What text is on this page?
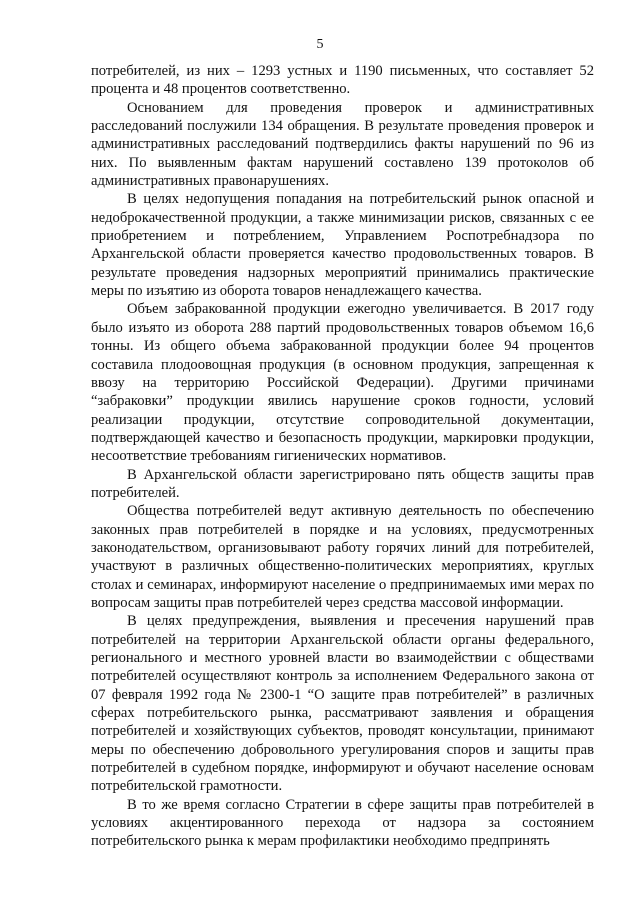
5

потребителей, из них – 1293 устных и 1190 письменных, что составляет 52 процента и 48 процентов соответственно.

Основанием для проведения проверок и административных расследований послужили 134 обращения. В результате проведения проверок и административных расследований подтвердились факты нарушений по 96 из них. По выявленным фактам нарушений составлено 139 протоколов об административных правонарушениях.

В целях недопущения попадания на потребительский рынок опасной и недоброкачественной продукции, а также минимизации рисков, связанных с ее приобретением и потреблением, Управлением Роспотребнадзора по Архангельской области проверяется качество продовольственных товаров. В результате проведения надзорных мероприятий принимались практические меры по изъятию из оборота товаров ненадлежащего качества.

Объем забракованной продукции ежегодно увеличивается. В 2017 году было изъято из оборота 288 партий продовольственных товаров объемом 16,6 тонны. Из общего объема забракованной продукции более 94 процентов составила плодоовощная продукция (в основном продукция, запрещенная к ввозу на территорию Российской Федерации). Другими причинами “забраковки” продукции явились нарушение сроков годности, условий реализации продукции, отсутствие сопроводительной документации, подтверждающей качество и безопасность продукции, маркировки продукции, несоответствие требованиям гигиенических нормативов.

В Архангельской области зарегистрировано пять обществ защиты прав потребителей.

Общества потребителей ведут активную деятельность по обеспечению законных прав потребителей в порядке и на условиях, предусмотренных законодательством, организовывают работу горячих линий для потребителей, участвуют в различных общественно-политических мероприятиях, круглых столах и семинарах, информируют население о предпринимаемых ими мерах по вопросам защиты прав потребителей через средства массовой информации.

В целях предупреждения, выявления и пресечения нарушений прав потребителей на территории Архангельской области органы федерального, регионального и местного уровней власти во взаимодействии с обществами потребителей осуществляют контроль за исполнением Федерального закона от 07 февраля 1992 года № 2300-1 “О защите прав потребителей” в различных сферах потребительского рынка, рассматривают заявления и обращения потребителей и хозяйствующих субъектов, проводят консультации, принимают меры по обеспечению добровольного урегулирования споров и защиты прав потребителей в судебном порядке, информируют и обучают население основам потребительской грамотности.

В то же время согласно Стратегии в сфере защиты прав потребителей в условиях акцентированного перехода от надзора за состоянием потребительского рынка к мерам профилактики необходимо предпринять
